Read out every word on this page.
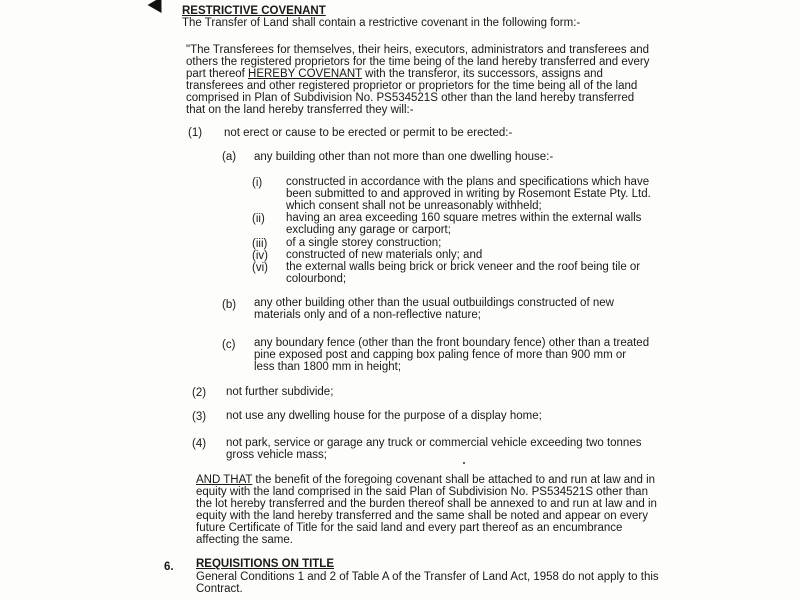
RESTRICTIVE COVENANT
The Transfer of Land shall contain a restrictive covenant in the following form:-
"The Transferees for themselves, their heirs, executors, administrators and transferees and
others the registered proprietors for the time being of the land hereby transferred and every
part thereof HEREBY COVENANT with the transferor, its successors, assigns and
transferees and other registered proprietor or proprietors for the time being all of the land
comprised in Plan of Subdivision No. PS534521S other than the land hereby transferred
that on the land hereby transferred they will:-
(1) not erect or cause to be erected or permit to be erected:-
(a) any building other than not more than one dwelling house:-
(i) constructed in accordance with the plans and specifications which have
been submitted to and approved in writing by Rosemont Estate Pty. Ltd.
which consent shall not be unreasonably withheld;
(ii) having an area exceeding 160 square metres within the external walls
excluding any garage or carport;
(iii) of a single storey construction;
(iv) constructed of new materials only; and
(vi) the external walls being brick or brick veneer and the roof being tile or
colourbond;
(b) any other building other than the usual outbuildings constructed of new
materials only and of a non-reflective nature;
(c) any boundary fence (other than the front boundary fence) other than a treated
pine exposed post and capping box paling fence of more than 900 mm or
less than 1800 mm in height;
(2) not further subdivide;
(3) not use any dwelling house for the purpose of a display home;
(4) not park, service or garage any truck or commercial vehicle exceeding two tonnes
gross vehicle mass;
AND THAT the benefit of the foregoing covenant shall be attached to and run at law and in
equity with the land comprised in the said Plan of Subdivision No. PS534521S other than
the lot hereby transferred and the burden thereof shall be annexed to and run at law and in
equity with the land hereby transferred and the same shall be noted and appear on every
future Certificate of Title for the said land and every part thereof as an encumbrance
affecting the same.
6. REQUISITIONS ON TITLE
General Conditions 1 and 2 of Table A of the Transfer of Land Act, 1958 do not apply to this
Contract.
